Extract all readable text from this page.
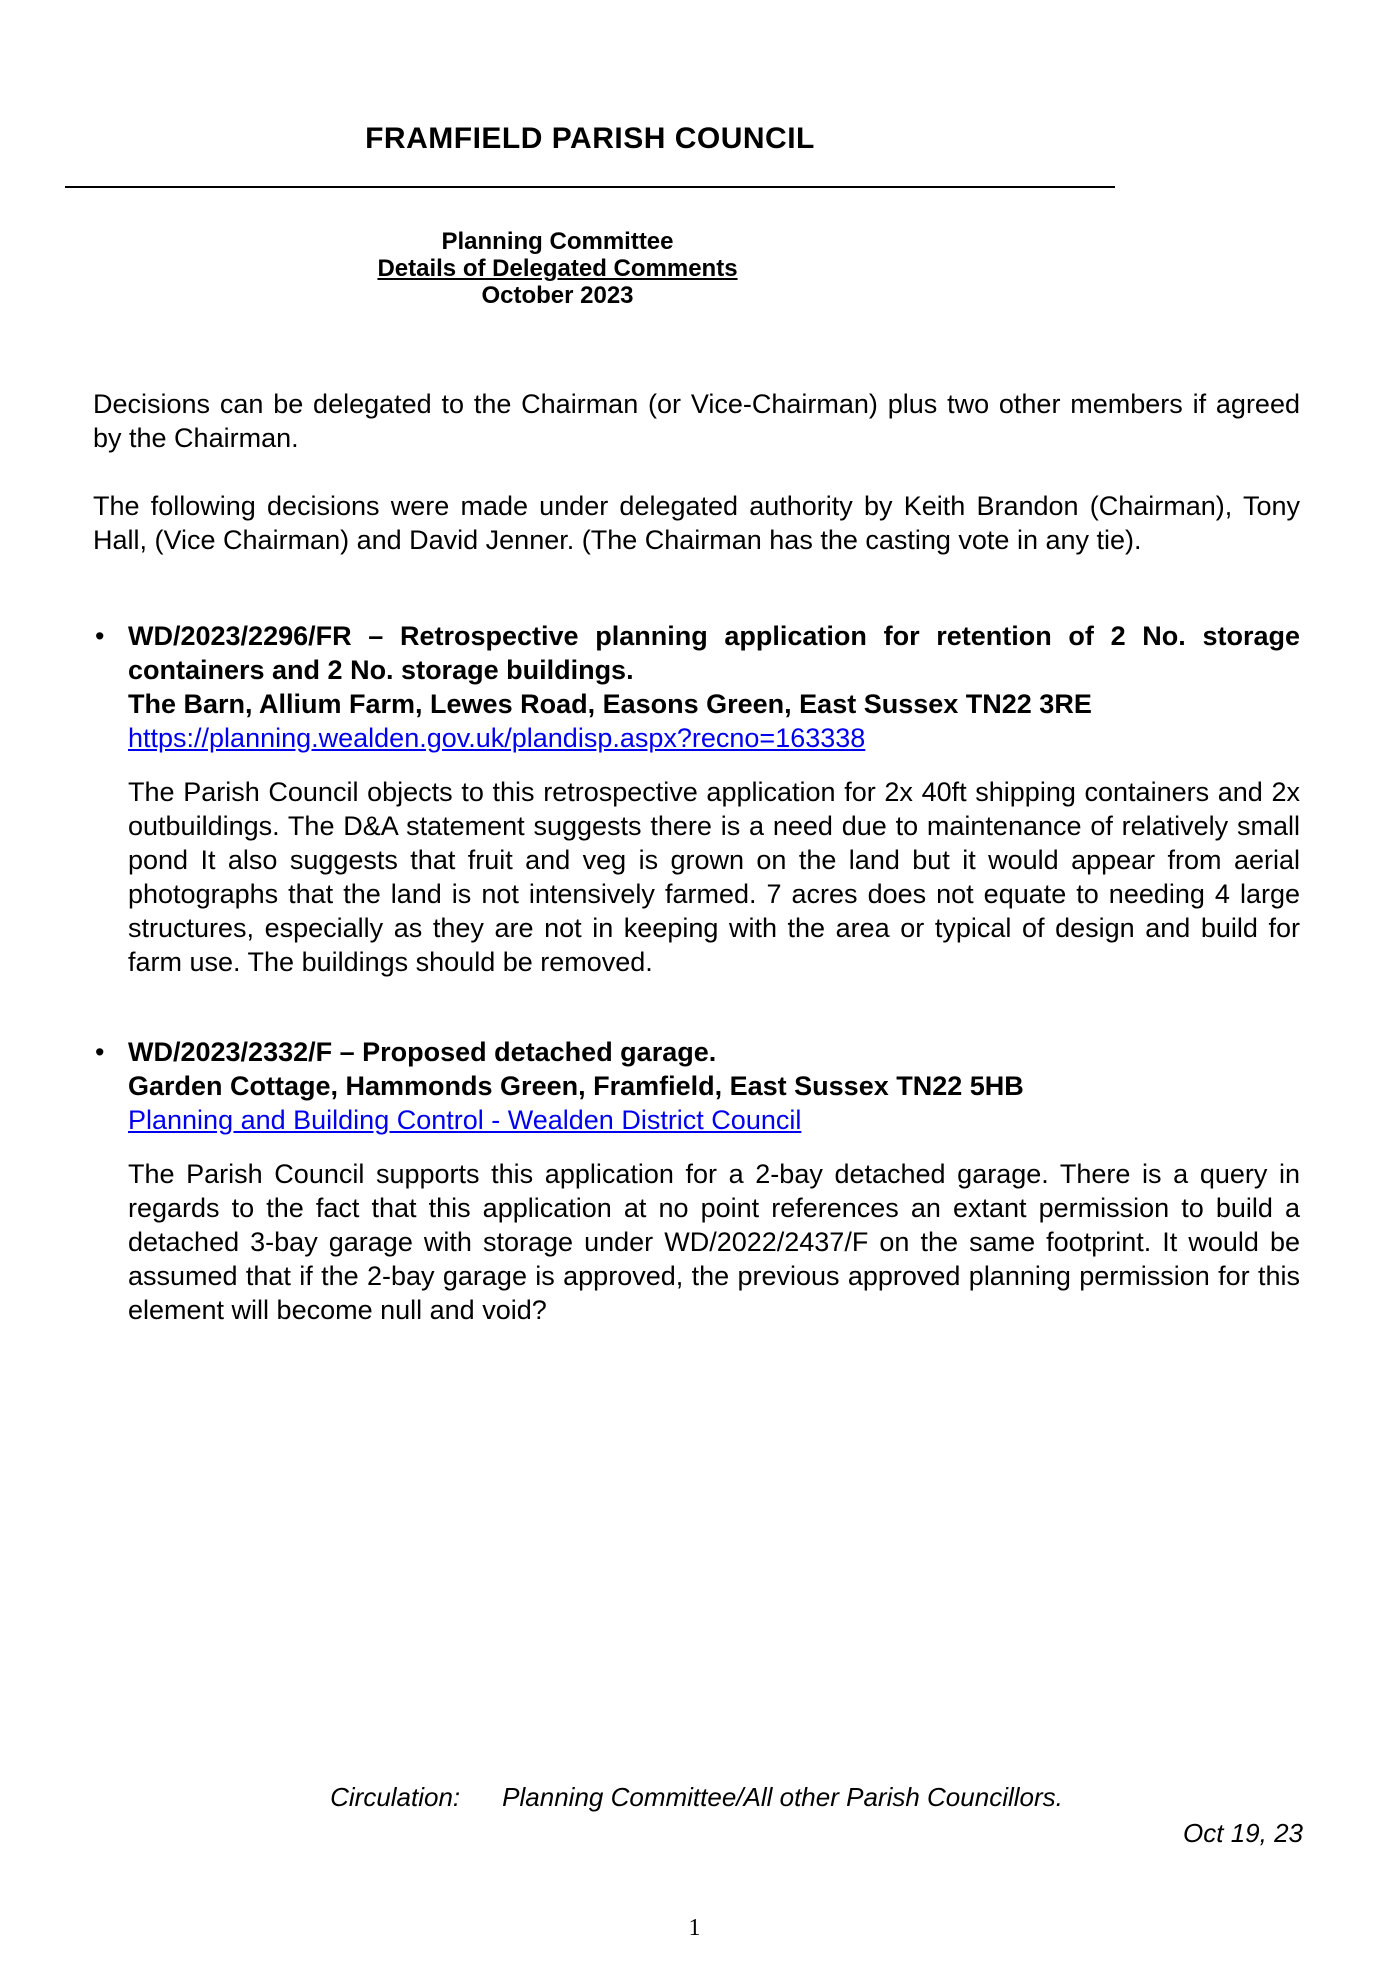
FRAMFIELD PARISH COUNCIL
Planning Committee
Details of Delegated Comments
October 2023
Decisions can be delegated to the Chairman (or Vice-Chairman) plus two other members if agreed by the Chairman.
The following decisions were made under delegated authority by Keith Brandon (Chairman), Tony Hall, (Vice Chairman) and David Jenner. (The Chairman has the casting vote in any tie).
• WD/2023/2296/FR – Retrospective planning application for retention of 2 No. storage containers and 2 No. storage buildings.
The Barn, Allium Farm, Lewes Road, Easons Green, East Sussex TN22 3RE
https://planning.wealden.gov.uk/plandisp.aspx?recno=163338
The Parish Council objects to this retrospective application for 2x 40ft shipping containers and 2x outbuildings. The D&A statement suggests there is a need due to maintenance of relatively small pond It also suggests that fruit and veg is grown on the land but it would appear from aerial photographs that the land is not intensively farmed. 7 acres does not equate to needing 4 large structures, especially as they are not in keeping with the area or typical of design and build for farm use. The buildings should be removed.
• WD/2023/2332/F – Proposed detached garage.
Garden Cottage, Hammonds Green, Framfield, East Sussex TN22 5HB
Planning and Building Control - Wealden District Council
The Parish Council supports this application for a 2-bay detached garage. There is a query in regards to the fact that this application at no point references an extant permission to build a detached 3-bay garage with storage under WD/2022/2437/F on the same footprint. It would be assumed that if the 2-bay garage is approved, the previous approved planning permission for this element will become null and void?
Circulation: Planning Committee/All other Parish Councillors.
Oct 19, 23
1
